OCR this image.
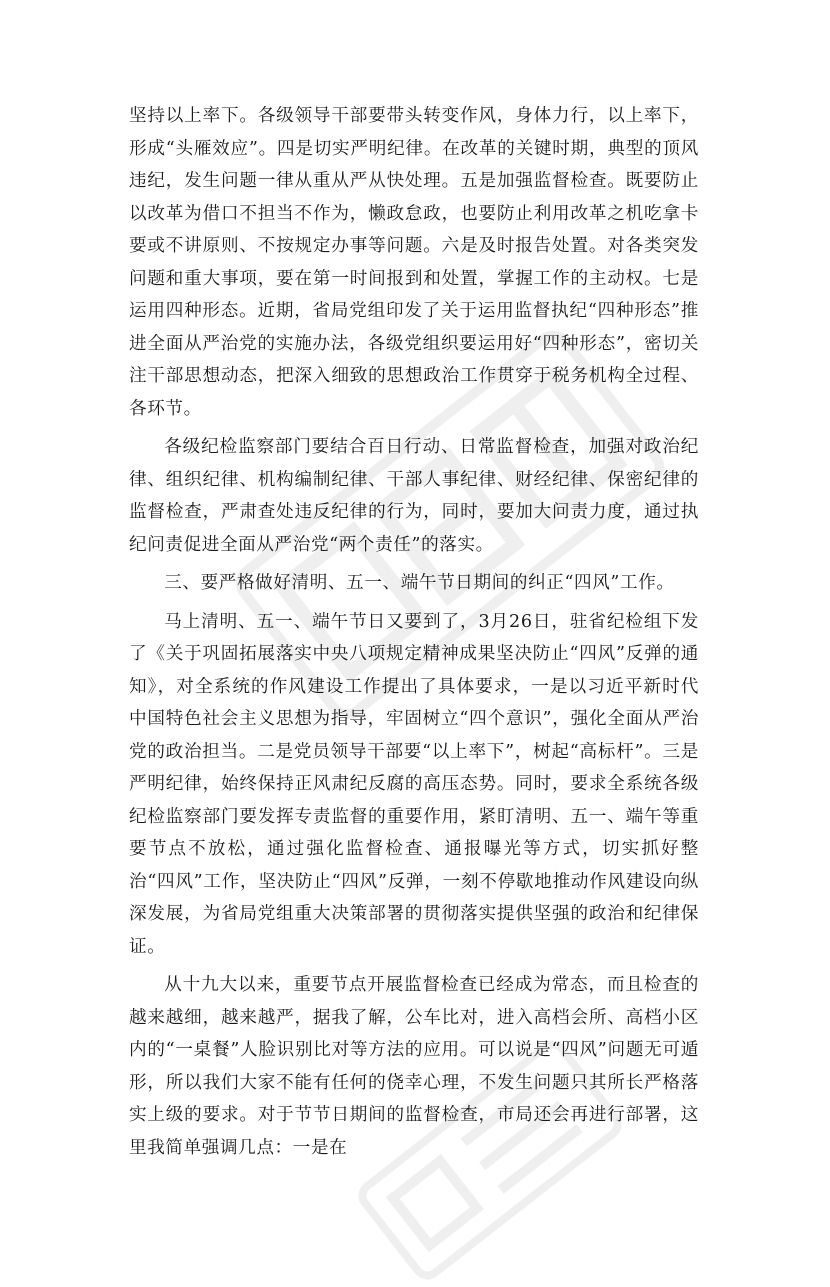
坚持以上率下。各级领导干部要带头转变作风，身体力行，以上率下，形成“头雁效应”。四是切实严明纪律。在改革的关键时期，典型的顶风违纪，发生问题一律从重从严从快处理。五是加强监督检查。既要防止以改革为借口不担当不作为，懒政怠政，也要防止利用改革之机吃拿卡要或不讲原则、不按规定办事等问题。六是及时报告处置。对各类突发问题和重大事项，要在第一时间报到和处置，掌握工作的主动权。七是运用四种形态。近期，省局党组印发了关于运用监督执纪“四种形态”推进全面从严治党的实施办法，各级党组织要运用好“四种形态”，密切关注干部思想动态，把深入细致的思想政治工作贯穿于税务机构全过程、各环节。

各级纪检监察部门要结合百日行动、日常监督检查，加强对政治纪律、组织纪律、机构编制纪律、干部人事纪律、财经纪律、保密纪律的监督检查，严肃查处违反纪律的行为，同时，要加大问责力度，通过执纪问责促进全面从严治党“两个责任”的落实。

三、要严格做好清明、五一、端午节日期间的纠正“四风”工作。

马上清明、五一、端午节日又要到了，3月26日，驻省纪检组下发了《关于巩固拓展落实中央八项规定精神成果坚决防止“四风”反弹的通知》，对全系统的作风建设工作提出了具体要求，一是以习近平新时代中国特色社会主义思想为指导，牢固树立“四个意识”，强化全面从严治党的政治担当。二是党员领导干部要“以上率下”，树起“高标杆”。三是严明纪律，始终保持正风肃纪反腐的高压态势。同时，要求全系统各级纪检监察部门要发挥专责监督的重要作用，紧盯清明、五一、端午等重要节点不放松，通过强化监督检查、通报曝光等方式，切实抓好整治“四风”工作，坚决防止“四风”反弹，一刻不停歇地推动作风建设向纵深发展，为省局党组重大决策部署的贯彻落实提供坚强的政治和纪律保证。

从十九大以来，重要节点开展监督检查已经成为常态，而且检查的越来越细，越来越严，据我了解，公车比对，进入高档会所、高档小区内的“一桌餐”人脸识别比对等方法的应用。可以说是“四风”问题无可遁形，所以我们大家不能有任何的侥幸心理，不发生问题只其所长严格落实上级的要求。对于节节日期间的监督检查，市局还会再进行部署，这里我简单强调几点：一是在
